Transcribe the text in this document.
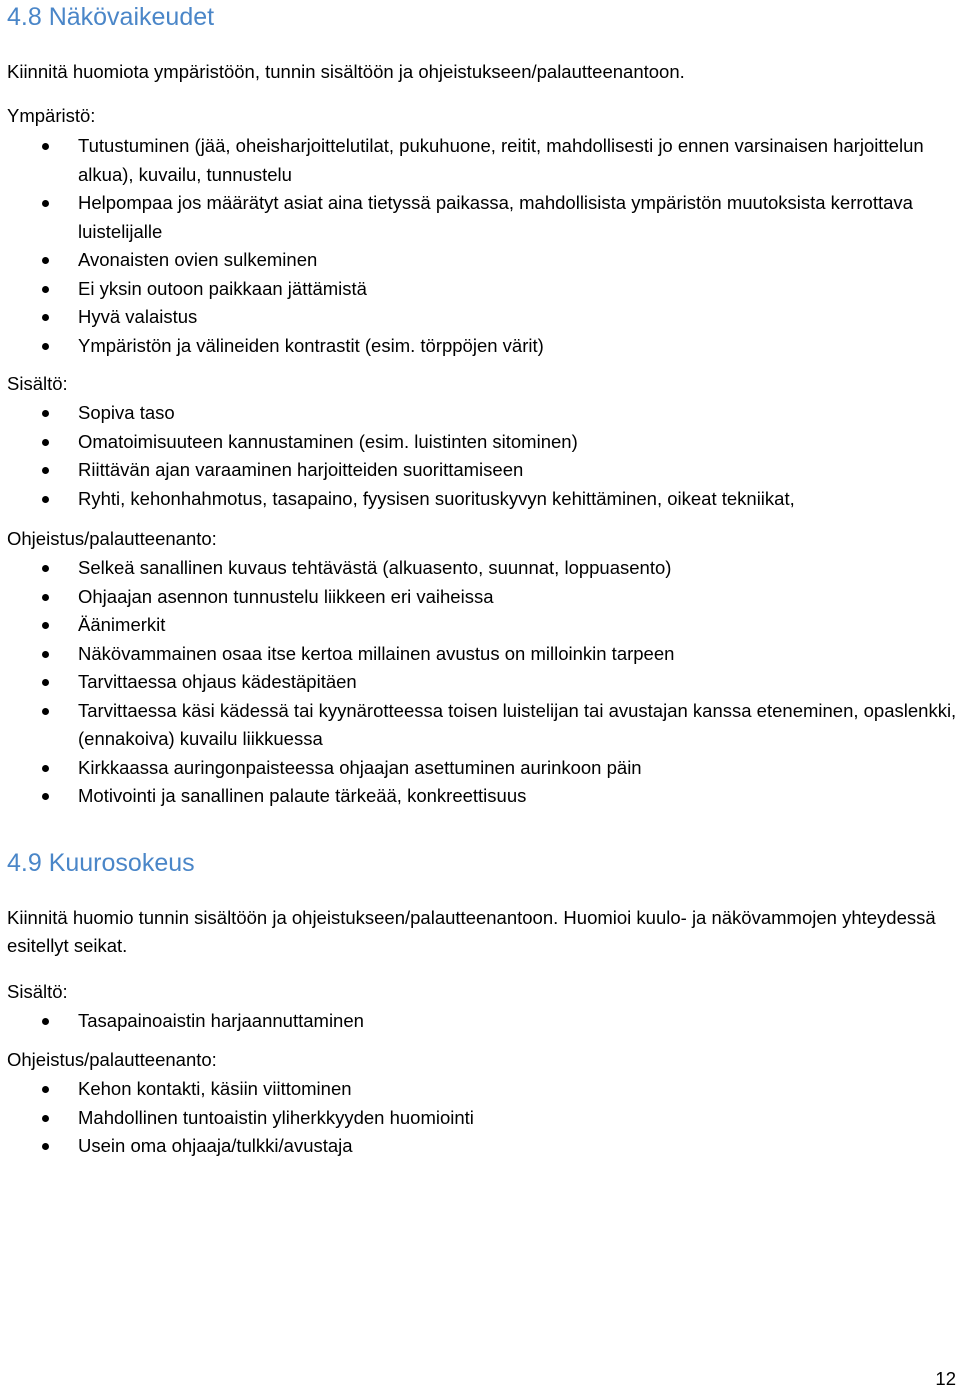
4.8 Näkövaikeudet

Kiinnitä huomiota ympäristöön, tunnin sisältöön ja ohjeistukseen/palautteenantoon.

Ympäristö:

Tutustuminen (jää, oheisharjoittelutilat, pukuhuone, reitit, mahdollisesti jo ennen varsinaisen harjoittelun alkua), kuvailu, tunnustelu
Helpompaa jos määrätyt asiat aina tietyssä paikassa, mahdollisista ympäristön muutoksista kerrottava luistelijalle
Avonaisten ovien sulkeminen
Ei yksin outoon paikkaan jättämistä
Hyvä valaistus
Ympäristön ja välineiden kontrastit (esim. törppöjen värit)

Sisältö:

Sopiva taso
Omatoimisuuteen kannustaminen (esim. luistinten sitominen)
Riittävän ajan varaaminen harjoitteiden suorittamiseen
Ryhti, kehonhahmotus, tasapaino, fyysisen suorituskyvyn kehittäminen, oikeat tekniikat,

Ohjeistus/palautteenanto:

Selkeä sanallinen kuvaus tehtävästä (alkuasento, suunnat, loppuasento)
Ohjaajan asennon tunnustelu liikkeen eri vaiheissa
Äänimerkit
Näkövammainen osaa itse kertoa millainen avustus on milloinkin tarpeen
Tarvittaessa ohjaus kädestäpitäen
Tarvittaessa käsi kädessä tai kyynärotteessa toisen luistelijan tai avustajan kanssa eteneminen, opaslenkki, (ennakoiva) kuvailu liikkuessa
Kirkkaassa auringonpaisteessa ohjaajan asettuminen aurinkoon päin
Motivointi ja sanallinen palaute tärkeää, konkreettisuus
4.9 Kuurosokeus

Kiinnitä huomio tunnin sisältöön ja ohjeistukseen/palautteenantoon. Huomioi kuulo- ja näkövammojen yhteydessä esitellyt seikat.

Sisältö:

Tasapainoaistin harjaannuttaminen

Ohjeistus/palautteenanto:

Kehon kontakti, käsiin viittominen
Mahdollinen tuntoaistin yliherkkyyden huomiointi
Usein oma ohjaaja/tulkki/avustaja
12
